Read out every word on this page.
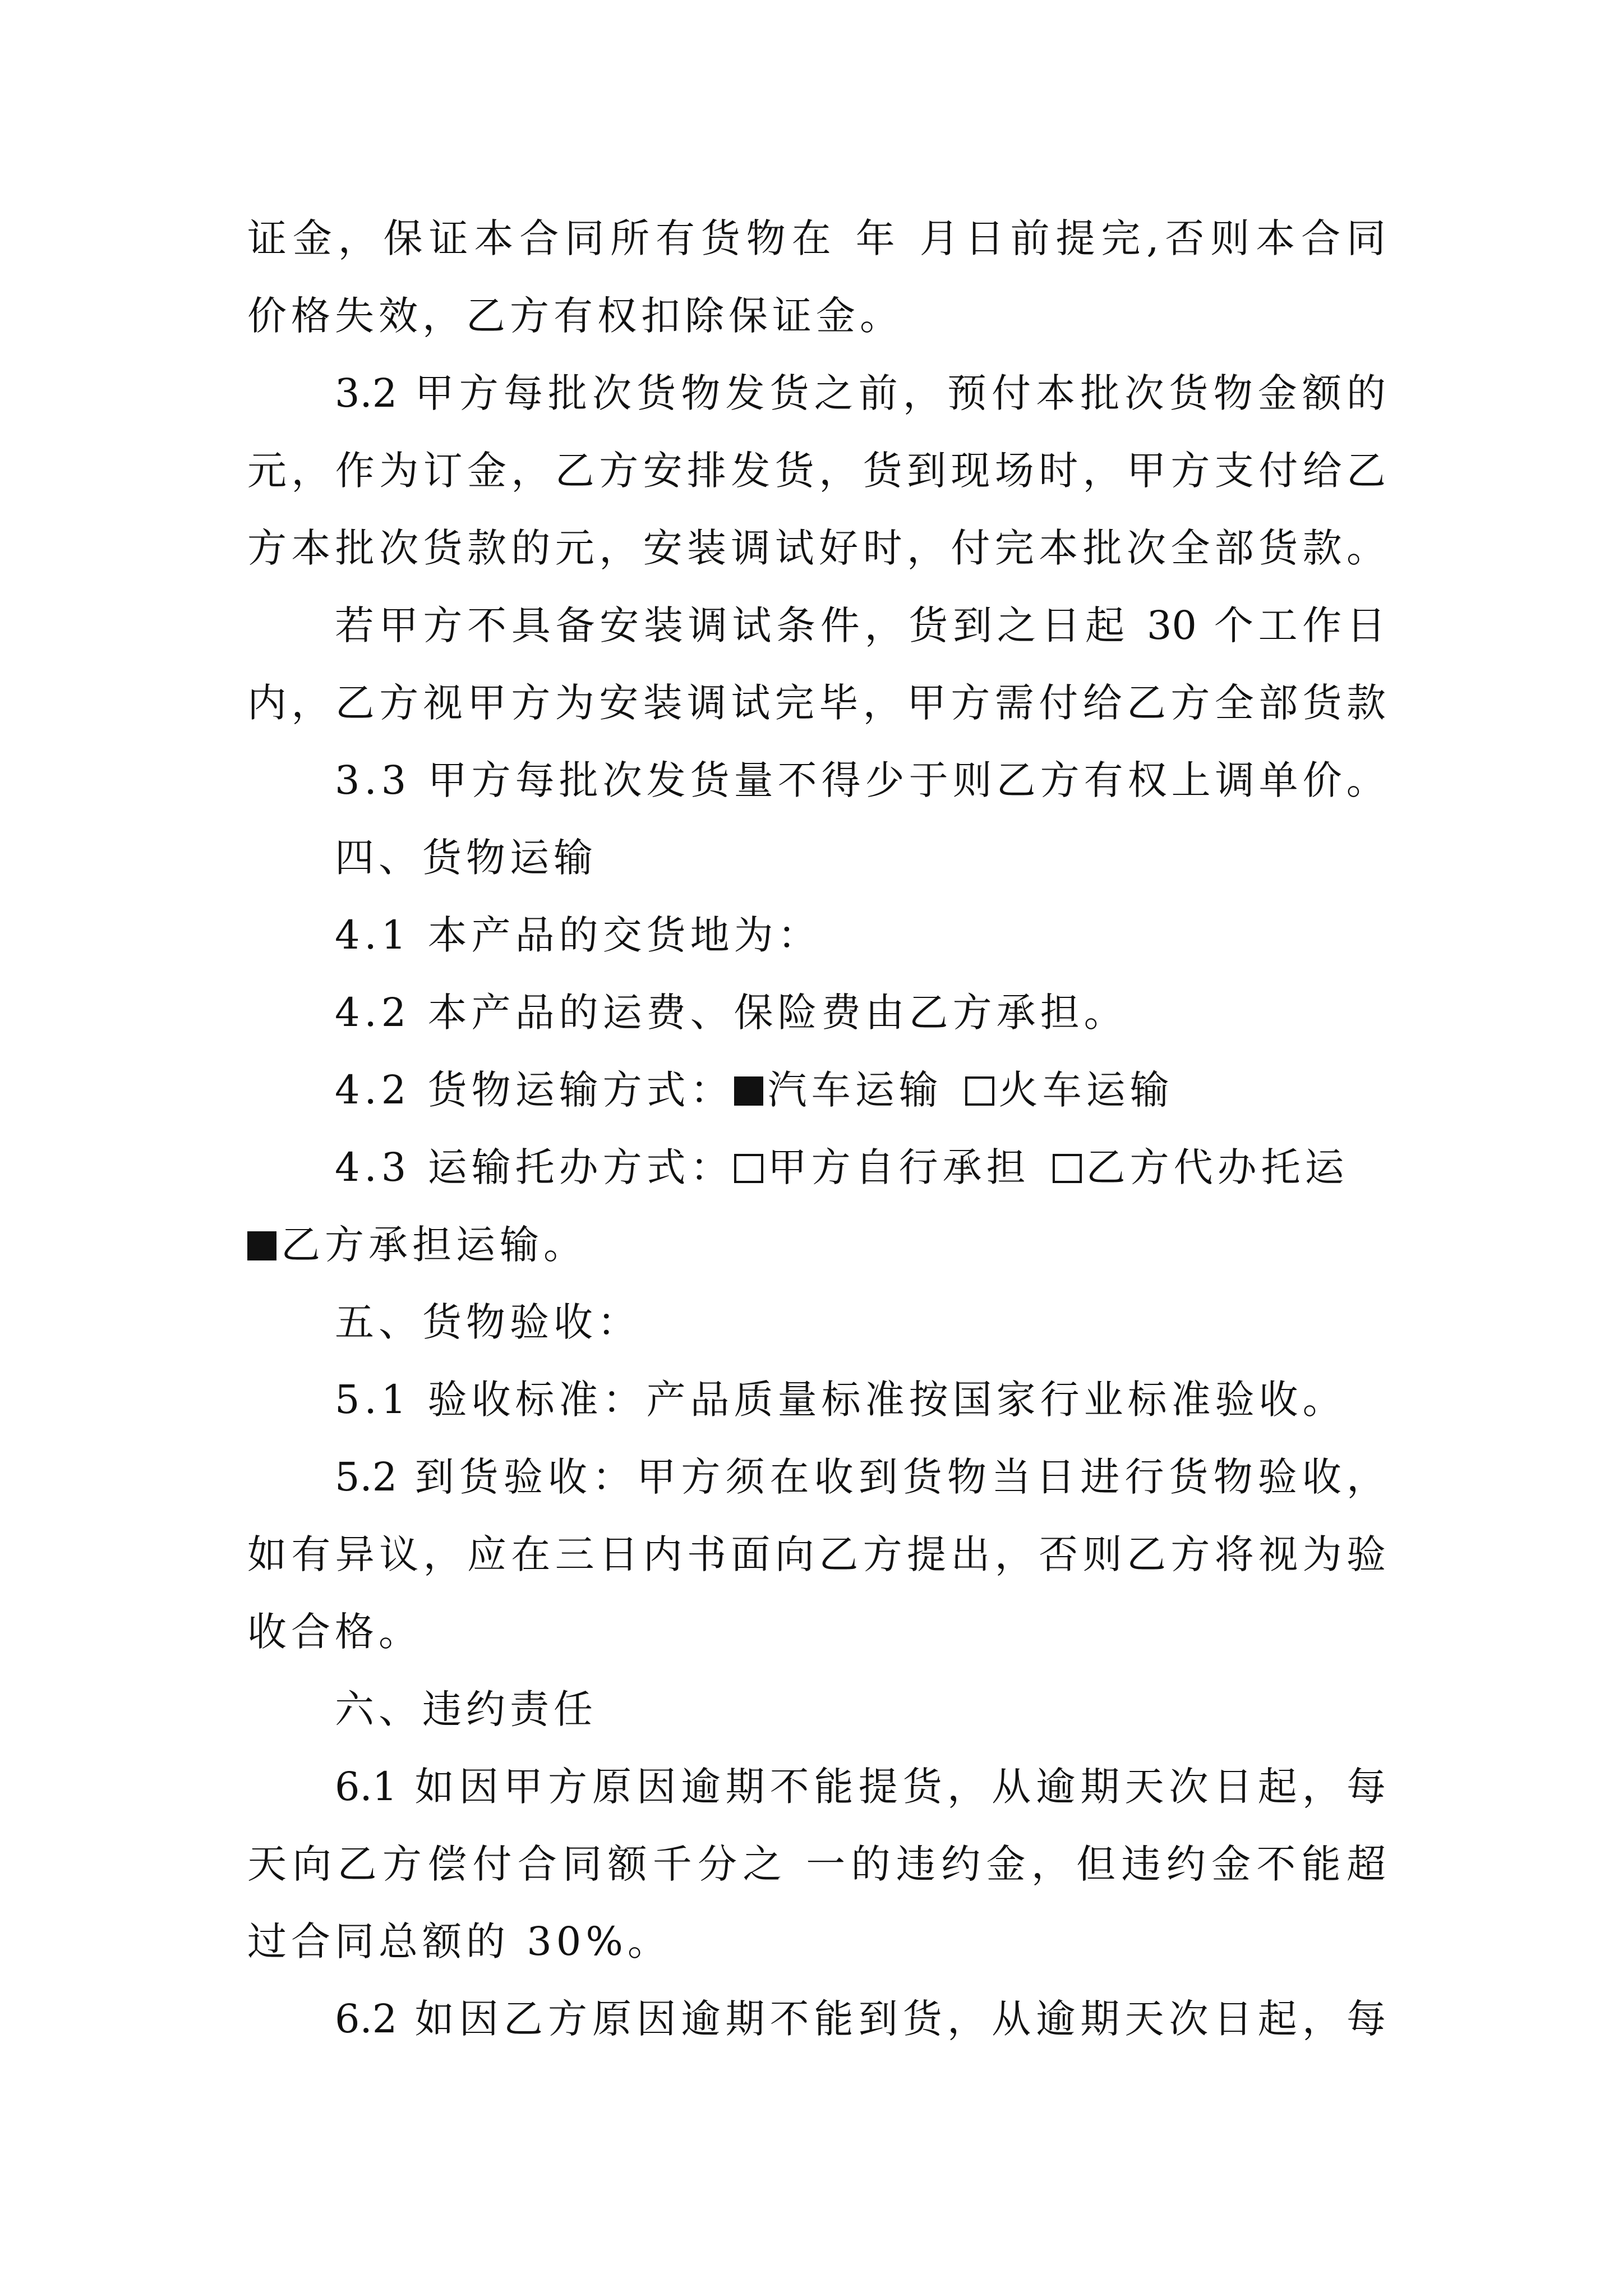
证金，保证本合同所有货物在 年 月日前提完,否则本合同
价格失效，乙方有权扣除保证金。
3.2 甲方每批次货物发货之前，预付本批次货物金额的
元，作为订金，乙方安排发货，货到现场时，甲方支付给乙
方本批次货款的元，安装调试好时，付完本批次全部货款。
若甲方不具备安装调试条件，货到之日起 30 个工作日
内，乙方视甲方为安装调试完毕，甲方需付给乙方全部货款
3.3 甲方每批次发货量不得少于则乙方有权上调单价。
四、货物运输
4.1 本产品的交货地为：
4.2 本产品的运费、保险费由乙方承担。
4.2 货物运输方式： 汽车运输 火车运输
4.3 运输托办方式： 甲方自行承担 乙方代办托运
乙方承担运输。
五、货物验收：
5.1 验收标准：产品质量标准按国家行业标准验收。
5.2 到货验收：甲方须在收到货物当日进行货物验收，
如有异议，应在三日内书面向乙方提出，否则乙方将视为验
收合格。
六、违约责任
6.1 如因甲方原因逾期不能提货，从逾期天次日起，每
天向乙方偿付合同额千分之 一的违约金，但违约金不能超
过合同总额的 30%。
6.2 如因乙方原因逾期不能到货，从逾期天次日起，每
